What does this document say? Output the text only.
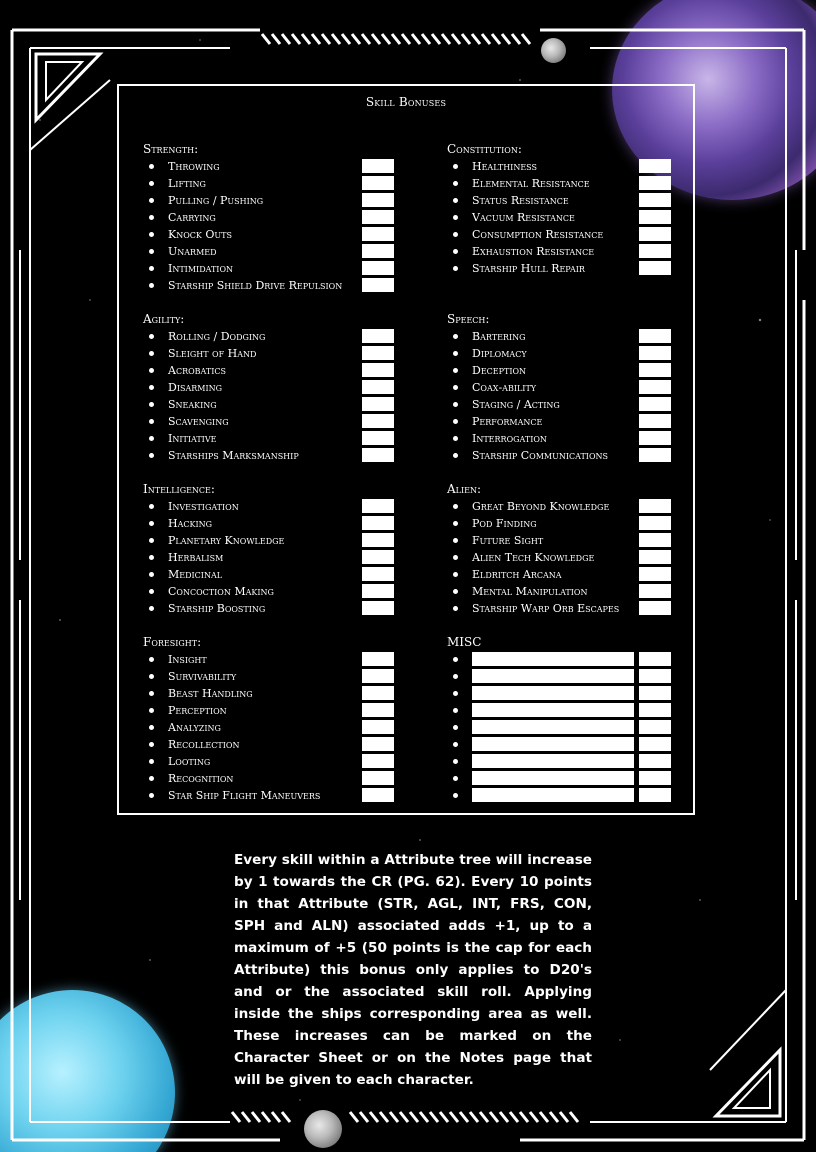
Skill Bonuses
Strength:
Throwing
Lifting
Pulling / Pushing
Carrying
Knock Outs
Unarmed
Intimidation
Starship Shield Drive Repulsion
Agility:
Rolling / Dodging
Sleight of Hand
Acrobatics
Disarming
Sneaking
Scavenging
Initiative
Starships Marksmanship
Intelligence:
Investigation
Hacking
Planetary Knowledge
Herbalism
Medicinal
Concoction Making
Starship Boosting
Foresight:
Insight
Survivability
Beast Handling
Perception
Analyzing
Recollection
Looting
Recognition
Star Ship Flight Maneuvers
Constitution:
Healthiness
Elemental Resistance
Status Resistance
Vacuum Resistance
Consumption Resistance
Exhaustion Resistance
Starship Hull Repair
Speech:
Bartering
Diplomacy
Deception
Coax-ability
Staging / Acting
Performance
Interrogation
Starship Communications
Alien:
Great Beyond Knowledge
Pod Finding
Future Sight
Alien Tech Knowledge
Eldritch Arcana
Mental Manipulation
Starship Warp Orb Escapes
MISC
Every skill within a Attribute tree will increase by 1 towards the CR (PG. 62). Every 10 points in that Attribute (STR, AGL, INT, FRS, CON, SPH and ALN) associated adds +1, up to a maximum of +5 (50 points is the cap for each Attribute) this bonus only applies to D20's and or the associated skill roll. Applying inside the ships corresponding area as well. These increases can be marked on the Character Sheet or on the Notes page that will be given to each character.
